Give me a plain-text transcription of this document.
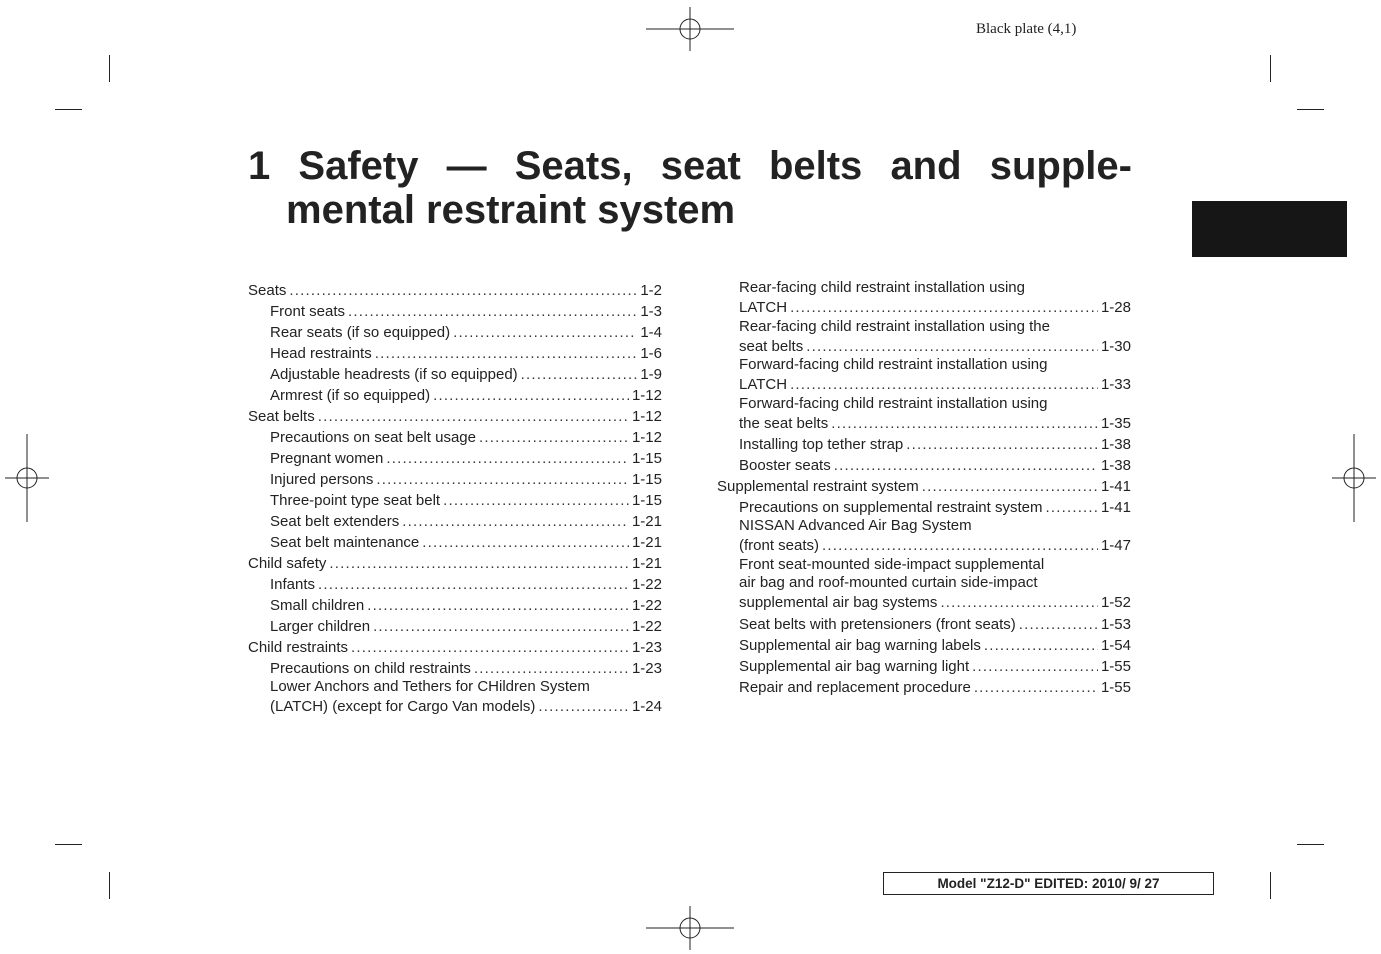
Black plate (4,1)
1 Safety — Seats, seat belts and supple-
mental restraint system
Seats .....	1-2
Front seats .....	1-3
Rear seats (if so equipped) .....	1-4
Head restraints .....	1-6
Adjustable headrests (if so equipped) .....	1-9
Armrest (if so equipped) .....	1-12
Seat belts .....	1-12
Precautions on seat belt usage .....	1-12
Pregnant women .....	1-15
Injured persons .....	1-15
Three-point type seat belt .....	1-15
Seat belt extenders .....	1-21
Seat belt maintenance .....	1-21
Child safety .....	1-21
Infants .....	1-22
Small children .....	1-22
Larger children .....	1-22
Child restraints .....	1-23
Precautions on child restraints .....	1-23
Lower Anchors and Tethers for CHildren System
(LATCH) (except for Cargo Van models) .....	1-24
Rear-facing child restraint installation using
LATCH .....	1-28
Rear-facing child restraint installation using the
seat belts .....	1-30
Forward-facing child restraint installation using
LATCH .....	1-33
Forward-facing child restraint installation using
the seat belts .....	1-35
Installing top tether strap .....	1-38
Booster seats .....	1-38
Supplemental restraint system .....	1-41
Precautions on supplemental restraint system .....	1-41
NISSAN Advanced Air Bag System
(front seats) .....	1-47
Front seat-mounted side-impact supplemental
air bag and roof-mounted curtain side-impact
supplemental air bag systems .....	1-52
Seat belts with pretensioners (front seats) .....	1-53
Supplemental air bag warning labels .....	1-54
Supplemental air bag warning light .....	1-55
Repair and replacement procedure .....	1-55
Model "Z12-D" EDITED: 2010/ 9/ 27
